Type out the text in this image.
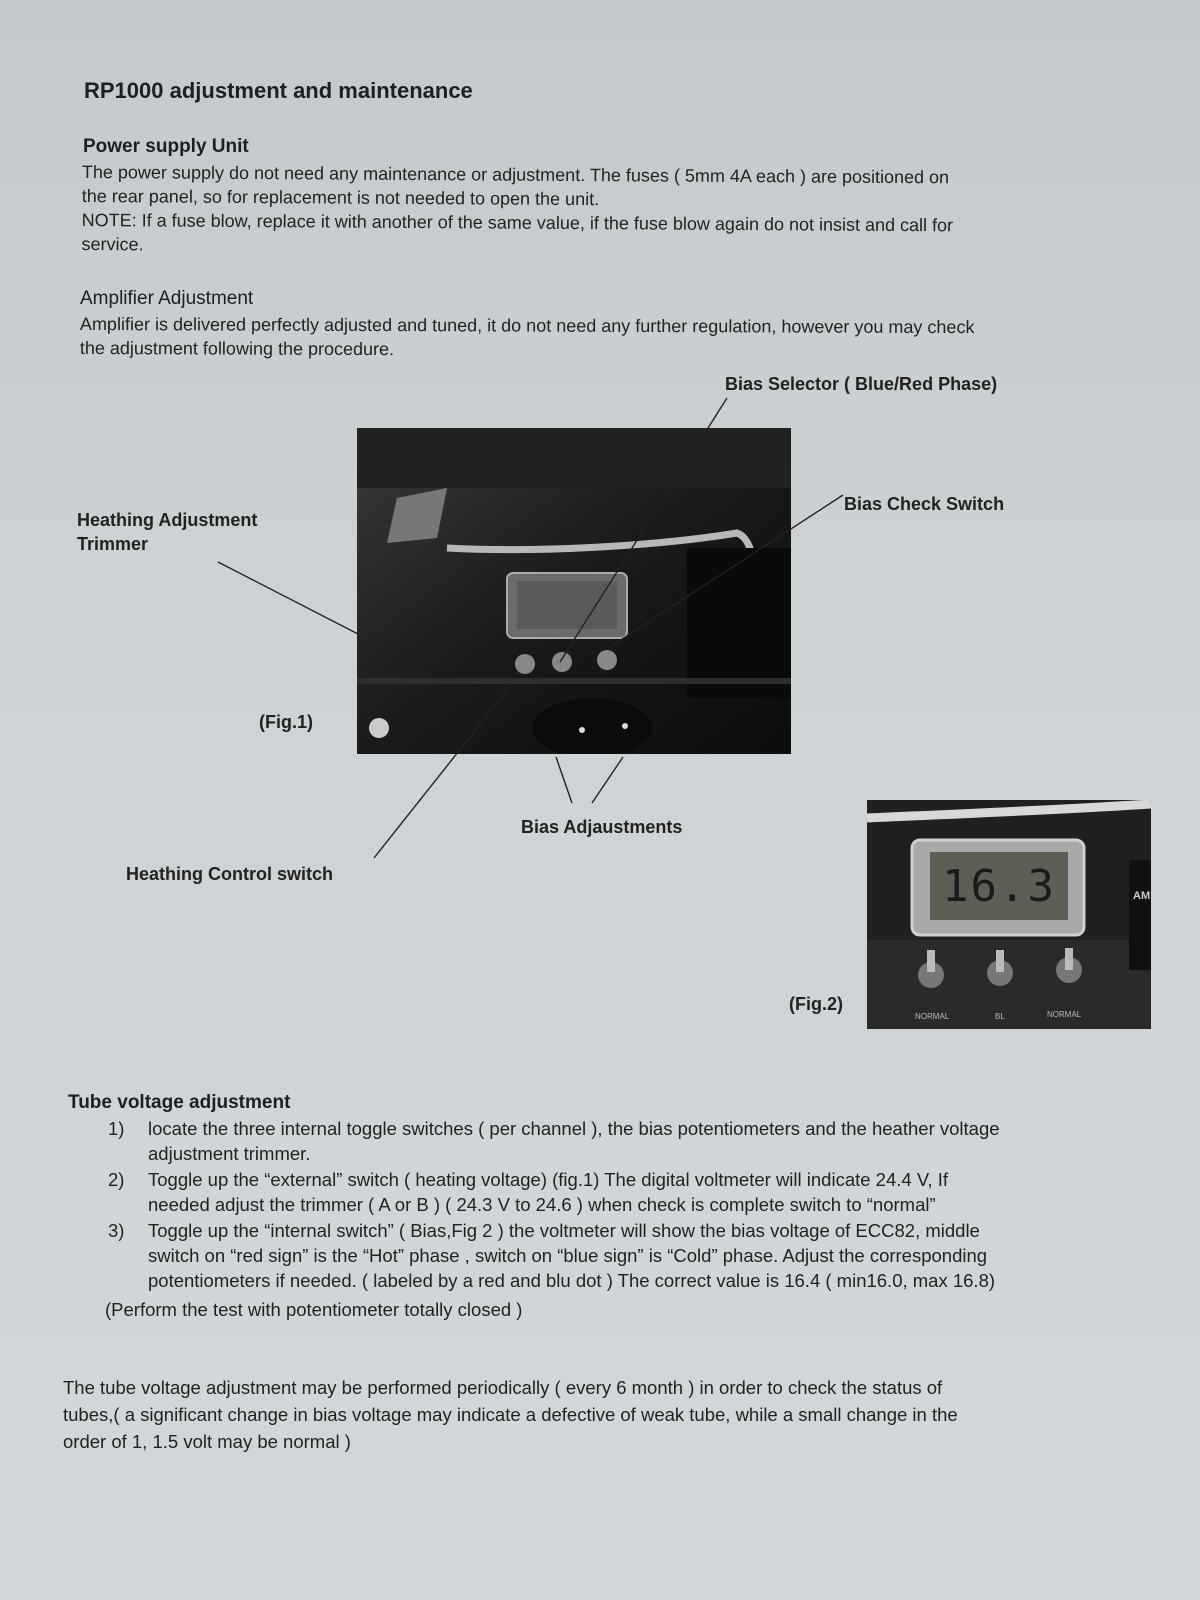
RP1000 adjustment and maintenance
Power supply Unit
The power supply do not need any maintenance or adjustment. The fuses ( 5mm 4A each ) are positioned on
the rear panel, so for replacement is not needed to open the unit.
NOTE: If a fuse blow, replace it with another of the same value, if the fuse blow again do not insist and call for
service.
Amplifier Adjustment
Amplifier is delivered perfectly adjusted and tuned, it do not need any further regulation, however you may check
the adjustment following the procedure.
Bias Selector ( Blue/Red Phase)
Bias Check Switch
Heathing Adjustment
Trimmer
(Fig.1)
Bias Adjaustments
Heathing Control switch	16.3	AM
NORMAL	BL	NORMAL
(Fig.2)
Tube voltage adjustment
1) locate the three internal toggle switches ( per channel ), the bias potentiometers and the heather voltage
adjustment trimmer.
2) Toggle up the “external” switch ( heating voltage) (fig.1) The digital voltmeter will indicate 24.4 V, If
needed adjust the trimmer ( A or B ) ( 24.3 V to 24.6 ) when check is complete switch to “normal”
3) Toggle up the “internal switch” ( Bias,Fig 2 ) the voltmeter will show the bias voltage of ECC82, middle
switch on “red sign” is the “Hot” phase , switch on “blue sign” is “Cold” phase. Adjust the corresponding
potentiometers if needed. ( labeled by a red and blu dot ) The correct value is 16.4 ( min16.0, max 16.8)
(Perform the test with potentiometer totally closed )
The tube voltage adjustment may be performed periodically ( every 6 month ) in order to check the status of
tubes,( a significant change in bias voltage may indicate a defective of weak tube, while a small change in the
order of 1, 1.5 volt may be normal )
